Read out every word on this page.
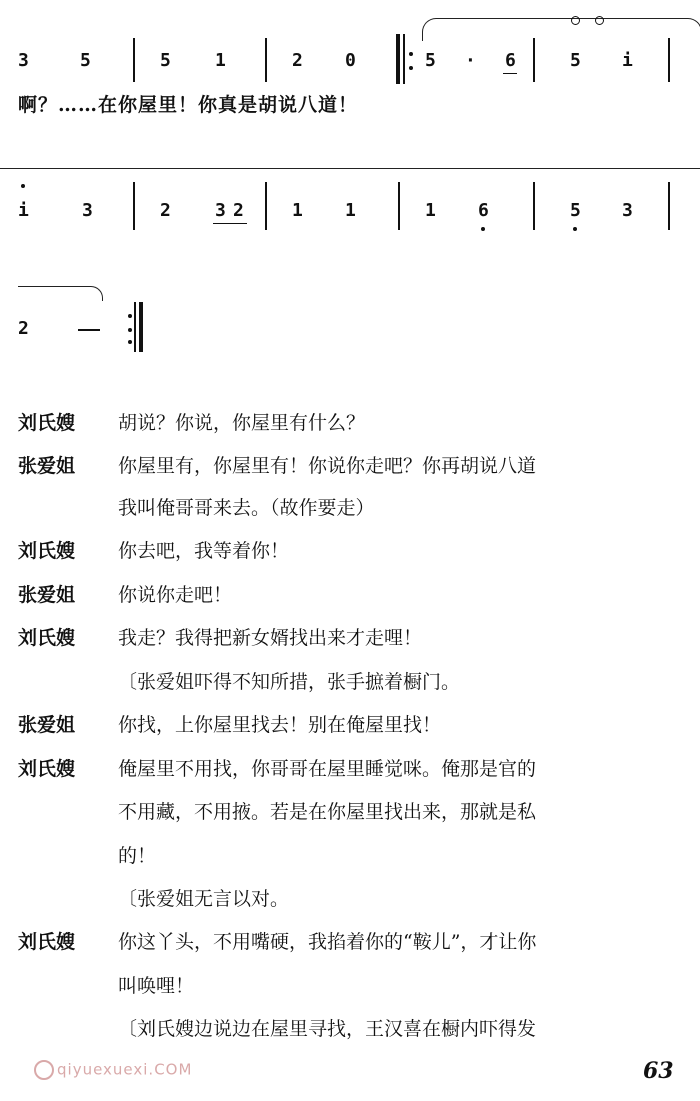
3	5	5 1	2 0	5 · 6	5 i
啊？……在你屋里！你真是胡说八道！
i	3	2 3 2	1 1	1 6	5 3
2
刘氏嫂 胡说？你说，你屋里有什么？
张爱姐 你屋里有，你屋里有！你说你走吧？你再胡说八道
我叫俺哥哥来去。（故作要走）
刘氏嫂 你去吧，我等着你！
张爱姐 你说你走吧！
刘氏嫂 我走？我得把新女婿找出来才走哩！
〔张爱姐吓得不知所措，张手摭着橱门。
张爱姐 你找，上你屋里找去！别在俺屋里找！
刘氏嫂 俺屋里不用找，你哥哥在屋里睡觉咪。俺那是官的
不用藏，不用掖。若是在你屋里找出来，那就是私
的！
〔张爱姐无言以对。
刘氏嫂 你这丫头，不用嘴硬，我掐着你的“鞍儿”，才让你
叫唤哩！
〔刘氏嫂边说边在屋里寻找，王汉喜在橱内吓得发
qiyuexuexi.COM	63
